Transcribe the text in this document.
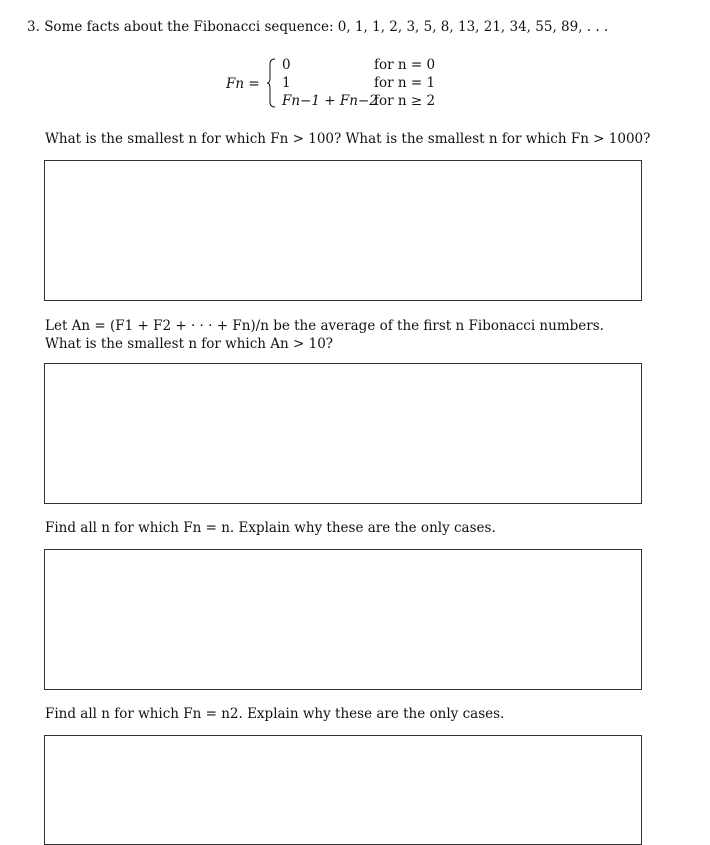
3. Some facts about the Fibonacci sequence: 0, 1, 1, 2, 3, 5, 8, 13, 21, 34, 55, 89, . . .
Fn =
0	for n = 0
1	for n = 1
Fn−1 + Fn−2
for n ≥ 2
What is the smallest n for which Fn > 100? What is the smallest n for which Fn > 1000?
Let An = (F1 + F2 + · · · + Fn)/n be the average of the first n Fibonacci numbers. What is the smallest n for which An > 10?
Find all n for which Fn = n. Explain why these are the only cases.
Find all n for which Fn = n2. Explain why these are the only cases.
